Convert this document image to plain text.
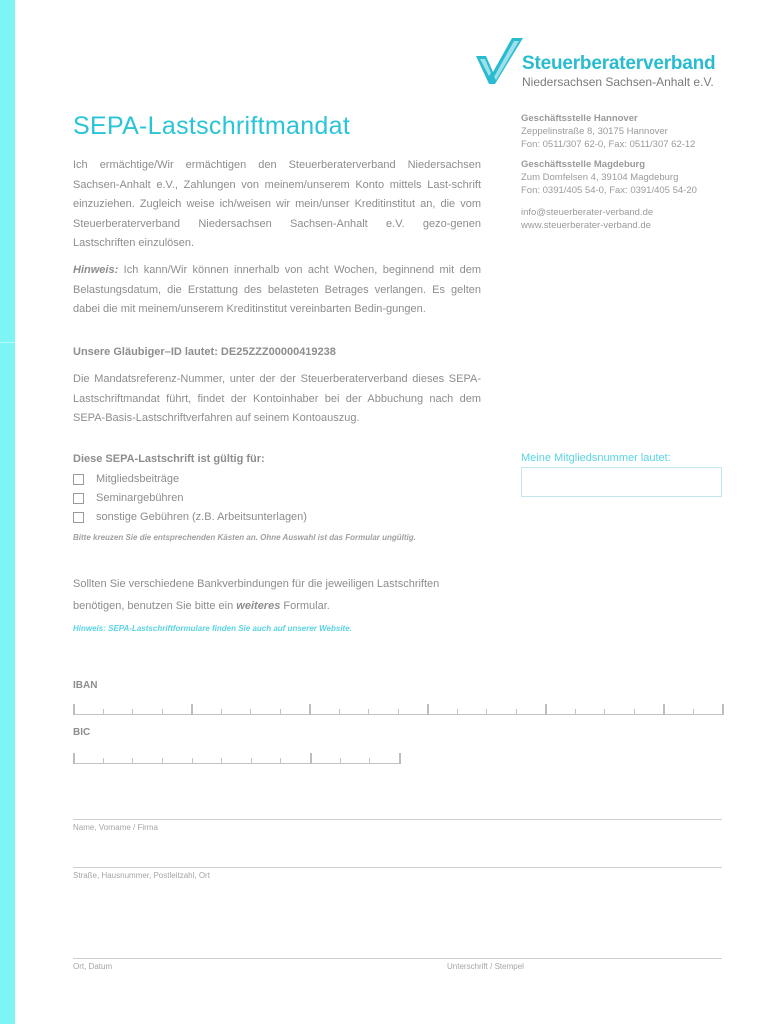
Steuerberaterverband
Niedersachsen Sachsen-Anhalt e.V.
SEPA-Lastschriftmandat	Geschäftsstelle Hannover
Zeppelinstraße 8, 30175 Hannover
Fon: 0511/307 62-0, Fax: 0511/307 62-12
Geschäftsstelle Magdeburg
Zum Domfelsen 4, 39104 Magdeburg
Fon: 0391/405 54-0, Fax: 0391/405 54-20
info@steuerberater-verband.de
www.steuerberater-verband.de

Ich ermächtige/Wir ermächtigen den Steuerberaterverband Niedersachsen Sachsen-Anhalt e.V., Zahlungen von meinem/unserem Konto mittels Last-schrift einzuziehen. Zugleich weise ich/weisen wir mein/unser Kreditinstitut an, die vom Steuerberaterverband Niedersachsen Sachsen-Anhalt e.V. gezo-genen Lastschriften einzulösen.

Hinweis: Ich kann/Wir können innerhalb von acht Wochen, beginnend mit dem Belastungsdatum, die Erstattung des belasteten Betrages verlangen. Es gelten dabei die mit meinem/unserem Kreditinstitut vereinbarten Bedin-gungen.

Unsere Gläubiger–ID lautet: DE25ZZZ00000419238

Die Mandatsreferenz-Nummer, unter der der Steuerberaterverband dieses SEPA-Lastschriftmandat führt, findet der Kontoinhaber bei der Abbuchung nach dem SEPA-Basis-Lastschriftverfahren auf seinem Kontoauszug.

Diese SEPA-Lastschrift ist gültig für:
Mitgliedsbeiträge
Seminargebühren
sonstige Gebühren (z.B. Arbeitsunterlagen)
Bitte kreuzen Sie die entsprechenden Kästen an. Ohne Auswahl ist das Formular ungültig.
Meine Mitgliedsnummer lautet:

Sollten Sie verschiedene Bankverbindungen für die jeweiligen Lastschriften benötigen, benutzen Sie bitte ein weiteres Formular.

Hinweis: SEPA-Lastschriftformulare finden Sie auch auf unserer Website.
IBAN
BIC
Name, Vorname / Firma
Straße, Hausnummer, Postleitzahl, Ort
Ort, Datum	Unterschrift / Stempel
